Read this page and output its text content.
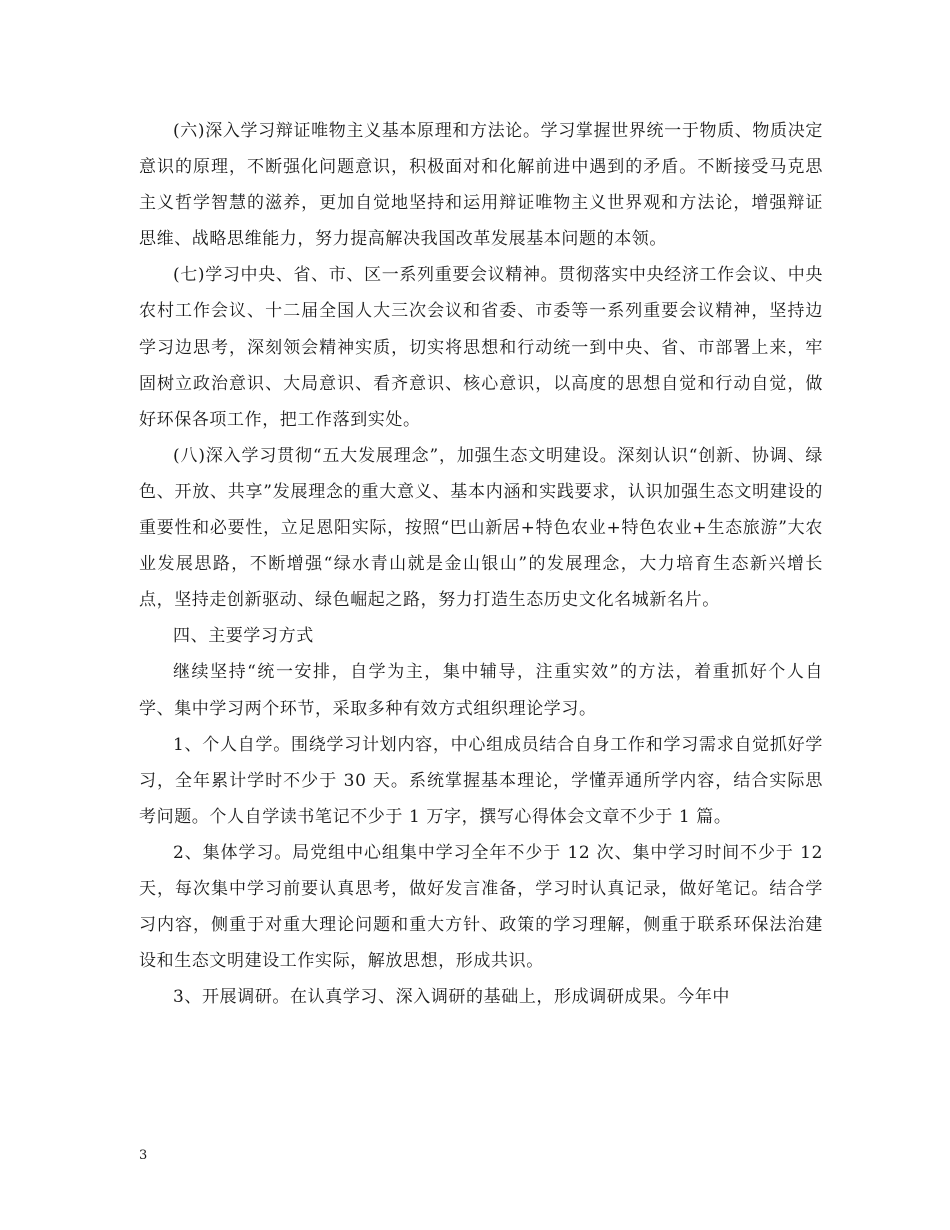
(六)深入学习辩证唯物主义基本原理和方法论。学习掌握世界统一于物质、物质决定意识的原理，不断强化问题意识，积极面对和化解前进中遇到的矛盾。不断接受马克思主义哲学智慧的滋养，更加自觉地坚持和运用辩证唯物主义世界观和方法论，增强辩证思维、战略思维能力，努力提高解决我国改革发展基本问题的本领。

(七)学习中央、省、市、区一系列重要会议精神。贯彻落实中央经济工作会议、中央农村工作会议、十二届全国人大三次会议和省委、市委等一系列重要会议精神，坚持边学习边思考，深刻领会精神实质，切实将思想和行动统一到中央、省、市部署上来，牢固树立政治意识、大局意识、看齐意识、核心意识，以高度的思想自觉和行动自觉，做好环保各项工作，把工作落到实处。

(八)深入学习贯彻“五大发展理念”，加强生态文明建设。深刻认识“创新、协调、绿色、开放、共享”发展理念的重大意义、基本内涵和实践要求，认识加强生态文明建设的重要性和必要性，立足恩阳实际，按照“巴山新居+特色农业+特色农业+生态旅游”大农业发展思路，不断增强“绿水青山就是金山银山”的发展理念，大力培育生态新兴增长点，坚持走创新驱动、绿色崛起之路，努力打造生态历史文化名城新名片。

四、主要学习方式

继续坚持“统一安排，自学为主，集中辅导，注重实效”的方法，着重抓好个人自学、集中学习两个环节，采取多种有效方式组织理论学习。

1、个人自学。围绕学习计划内容，中心组成员结合自身工作和学习需求自觉抓好学习，全年累计学时不少于 30 天。系统掌握基本理论，学懂弄通所学内容，结合实际思考问题。个人自学读书笔记不少于 1 万字，撰写心得体会文章不少于 1 篇。

2、集体学习。局党组中心组集中学习全年不少于 12 次、集中学习时间不少于 12 天，每次集中学习前要认真思考，做好发言准备，学习时认真记录，做好笔记。结合学习内容，侧重于对重大理论问题和重大方针、政策的学习理解，侧重于联系环保法治建设和生态文明建设工作实际，解放思想，形成共识。

3、开展调研。在认真学习、深入调研的基础上，形成调研成果。今年中

3
